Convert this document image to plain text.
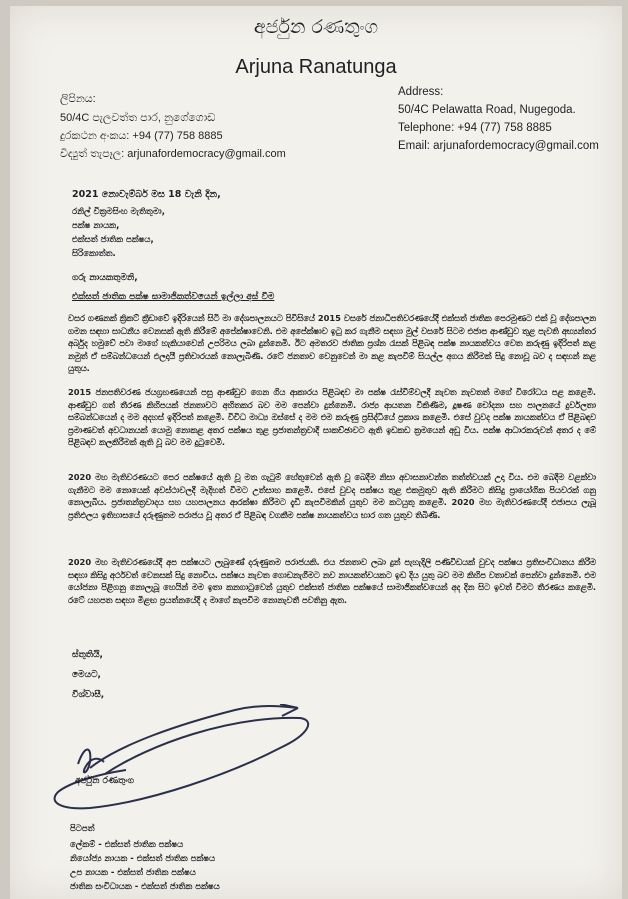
අර්ජුන රණතුංග
Arjuna Ranatunga
ලිපිනය:
50/4C පැලවත්ත පාර, නුගේගොඩ
දුරකථන අංකය: +94 (77) 758 8885
විද්‍යුත් තැපෑල: arjunafordemocracy@gmail.com
Address:
50/4C Pelawatta Road, Nugegoda.
Telephone: +94 (77) 758 8885
Email: arjunafordemocracy@gmail.com
2021 නොවැම්බර් මස 18 වැනි දින,
රනිල් වික්‍රමසිංහ මැතිතුමා,
පක්ෂ නායක,
එක්සත් ජාතික පක්ෂය,
සිරිකොත්ත.
ගරු නායකතුමනි,
එක්සත් ජාතික පක්ෂ සාමාජිකත්වයෙන් ඉල්ලා අස් වීම
වසර ගණනක් ක්‍රිකට් ක්‍රීඩාවේ ඉදිරියෙන් සිටි මා දේශපාලනයට පිවිසියේ 2015 වසරේ ජනාධිපතිවරණයේදී එක්සත් ජාතික පෙරමුණට එක් වූ දේශපාලන ගමන සඳහා සාධනීය වෙනසක් ඇති කිරීමේ අපේක්ෂාවෙනි. එම අපේක්ෂාව ඉටු කර ගැනීම සඳහා මුල් වසරේ සිටම එජාප ආණ්ඩුව තුළ පැවති අභ්‍යන්තර අර්බුද හමුවේ පවා මාගේ හැකියාවෙන් උපරිමය ලබා දුන්නෙමි. ඊට අමතරව ජාතික ප්‍රශ්න රැසක් පිළිබඳ පක්ෂ නායකත්වය වෙත කරුණු ඉදිරිපත් කළ නමුත් ඒ සම්බන්ධයෙන් ඵලදායී ප්‍රතිචාරයක් නොලැබිණි. රටේ ජනතාව වෙනුවෙන් මා කළ කැපවීම් සියල්ල අගය කිරීමක් සිදු නොවූ බව ද සඳහන් කළ යුතුය.
2015 ජනපතිවරණ ජයග්‍රහණයෙන් පසු ආණ්ඩුව ගෙන ගිය ආකාරය පිළිබඳව මා පක්ෂ රැස්වීම්වලදී නැවත නැවතත් මගේ විරෝධය පළ කළෙමි. ආණ්ඩුව ගත් තීරණ කිහිපයක් ජනතාවට අහිතකර බව මම පෙන්වා දුන්නෙමි. රාජ්‍ය ආයතන විකිණීම, දූෂණ චෝදනා සහ පාලනයේ දුර්වලතා සම්බන්ධයෙන් ද මම අදහස් ඉදිරිපත් කළෙමි. විවිධ මාධ්‍ය ඔස්සේ ද මම එම කරුණු ප්‍රසිද්ධියේ ප්‍රකාශ කළෙමි. එසේ වුවද පක්ෂ නායකත්වය ඒ පිළිබඳව ප්‍රමාණවත් අවධානයක් යොමු නොකළ අතර පක්ෂය තුළ ප්‍රජාතන්ත්‍රවාදී සාකච්ඡාවට ඇති ඉඩකඩ ක්‍රමයෙන් අඩු විය. පක්ෂ ආධාරකරුවන් අතර ද මේ පිළිබඳව කලකිරීමක් ඇති වූ බව මම දුටුවෙමි.
2020 මහ මැතිවරණයට පෙර පක්ෂයේ ඇති වූ මත ගැටුම් හේතුවෙන් ඇති වූ බෙදීම නිසා අවාසනාවන්ත තත්ත්වයක් උදා විය. එම බෙදීම වළක්වා ගැනීමට මම නොයෙක් අවස්ථාවලදී මැදිහත් වීමට උත්සාහ කළෙමි. එසේ වුවද පක්ෂය තුළ එකමුතුව ඇති කිරීමට කිසිදු ප්‍රායෝගික පියවරක් ගනු නොලැබීය. ප්‍රජාතන්ත්‍රවාදය සහ යහපාලනය ආරක්ෂා කිරීමට දැඩි කැපවීමකින් යුතුව මම කටයුතු කළෙමි. 2020 මහ මැතිවරණයේදී එජාපය ලැබූ ප්‍රතිඵලය ඉතිහාසයේ දරුණුතම පරාජය වූ අතර ඒ පිළිබඳ වගකීම පක්ෂ නායකත්වය භාර ගත යුතුව තිබිණි.
2020 මහ මැතිවරණයේදී අප පක්ෂයට ලැබුණේ දරුණුතම පරාජයකි. එය ජනතාව ලබා දුන් පැහැදිලි පණිවිඩයක් වුවද පක්ෂය ප්‍රතිසංවිධානය කිරීම සඳහා කිසිදු අර්ථවත් වෙනසක් සිදු නොවීය. පක්ෂය නැවත ගොඩනැගීමට නව නායකත්වයකට ඉඩ දිය යුතු බව මම කිහිප වතාවක් පෙන්වා දුන්නෙමි. එම යෝජනා පිළිගනු නොලැබූ හෙයින් මම ඉතා කනගාටුවෙන් යුතුව එක්සත් ජාතික පක්ෂයේ සාමාජිකත්වයෙන් අද දින සිට ඉවත් වීමට තීරණය කළෙමි. රටේ යහපත සඳහා මීළඟ ප්‍රයත්නයේදී ද මාගේ කැපවීම නොනැවතී පවතිනු ඇත.
ස්තුතියි,
මෙයට,
විශ්වාසී,
අර්ජුන රණතුංග
පිටපත්
ලේකම් - එක්සත් ජාතික පක්ෂය
නියෝජ්‍ය නායක - එක්සත් ජාතික පක්ෂය
උප නායක - එක්සත් ජාතික පක්ෂය
ජාතික සංවිධායක - එක්සත් ජාතික පක්ෂය
